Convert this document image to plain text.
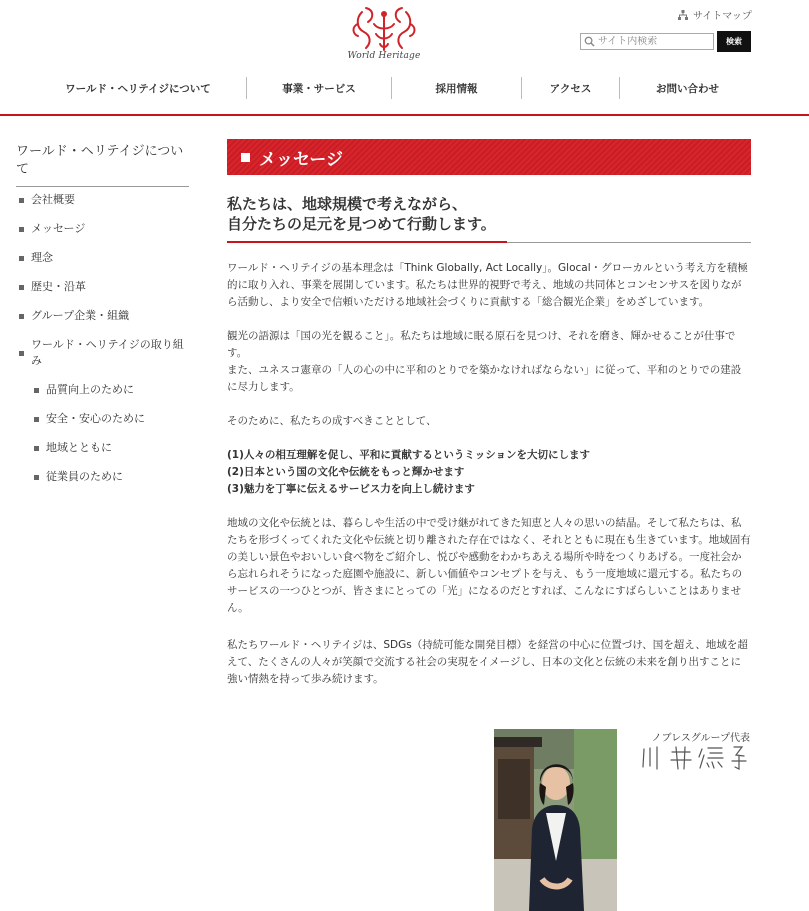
World Heritage
サイトマップ
サイト内検索
検索
ワールド・ヘリテイジについて	事業・サービス	採用情報	アクセス	お問い合わせ
ワールド・ヘリテイジについて
会社概要
メッセージ
理念
歴史・沿革
グループ企業・組織
ワールド・ヘリテイジの取り組み
品質向上のために
安全・安心のために
地域とともに
従業員のために
メッセージ
私たちは、地球規模で考えながら、
自分たちの足元を見つめて行動します。

ワールド・ヘリテイジの基本理念は「Think Globally, Act Locally」。Glocal・グローカルという考え方を積極的に取り入れ、事業を展開しています。私たちは世界的視野で考え、地域の共同体とコンセンサスを図りながら活動し、より安全で信頼いただける地域社会づくりに貢献する「総合観光企業」をめざしています。

観光の語源は「国の光を観ること」。私たちは地域に眠る原石を見つけ、それを磨き、輝かせることが仕事です。

また、ユネスコ憲章の「人の心の中に平和のとりでを築かなければならない」に従って、平和のとりでの建設に尽力します。

そのために、私たちの成すべきこととして、

(1)人々の相互理解を促し、平和に貢献するというミッションを大切にします

(2)日本という国の文化や伝統をもっと輝かせます

(3)魅力を丁寧に伝えるサービス力を向上し続けます

地域の文化や伝統とは、暮らしや生活の中で受け継がれてきた知恵と人々の思いの結晶。そして私たちは、私たちを形づくってくれた文化や伝統と切り離された存在ではなく、それとともに現在も生きています。地域固有の美しい景色やおいしい食べ物をご紹介し、悦びや感動をわかちあえる場所や時をつくりあげる。一度社会から忘れられそうになった庭園や施設に、新しい価値やコンセプトを与え、もう一度地域に還元する。私たちのサービスの一つひとつが、皆さまにとっての「光」になるのだとすれば、こんなにすばらしいことはありません。

私たちワールド・ヘリテイジは、SDGs（持続可能な開発目標）を経営の中心に位置づけ、国を超え、地域を超えて、たくさんの人々が笑顔で交流する社会の実現をイメージし、日本の文化と伝統の未来を創り出すことに強い情熱を持って歩み続けます。

ノブレスグループ代表
